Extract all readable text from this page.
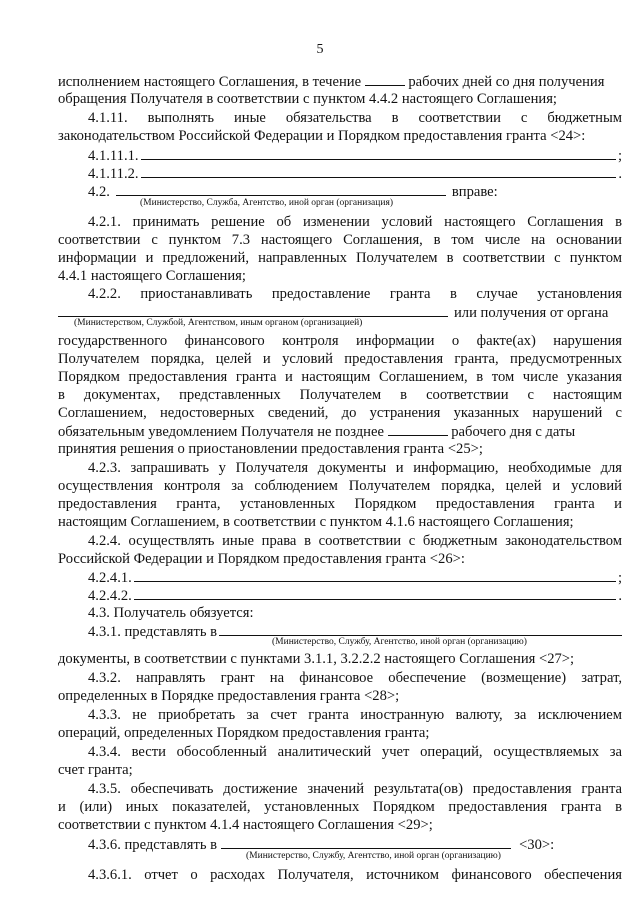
5
исполнением настоящего Соглашения, в течение	рабочих дней со дня получения
обращения Получателя в соответствии с пунктом 4.4.2 настоящего Соглашения;
4.1.11. выполнять иные обязательства в соответствии с бюджетным
законодательством Российской Федерации и Порядком предоставления гранта <24>:
4.1.11.1.	;
4.1.11.2.	.
4.2.	вправе:
(Министерство, Служба, Агентство, иной орган (организация)
4.2.1. принимать решение об изменении условий настоящего Соглашения в
соответствии с пунктом 7.3 настоящего Соглашения, в том числе на основании
информации и предложений, направленных Получателем в соответствии с пунктом
4.4.1 настоящего Соглашения;
4.2.2. приостанавливать предоставление гранта в случае установления
или получения от органа
(Министерством, Службой, Агентством, иным органом (организацией)
государственного финансового контроля информации о факте(ах) нарушения
Получателем порядка, целей и условий предоставления гранта, предусмотренных
Порядком предоставления гранта и настоящим Соглашением, в том числе указания
в документах, представленных Получателем в соответствии с настоящим
Соглашением, недостоверных сведений, до устранения указанных нарушений с
обязательным уведомлением Получателя не позднее	рабочего дня с даты
принятия решения о приостановлении предоставления гранта <25>;
4.2.3. запрашивать у Получателя документы и информацию, необходимые для
осуществления контроля за соблюдением Получателем порядка, целей и условий
предоставления гранта, установленных Порядком предоставления гранта и
настоящим Соглашением, в соответствии с пунктом 4.1.6 настоящего Соглашения;
4.2.4. осуществлять иные права в соответствии с бюджетным законодательством
Российской Федерации и Порядком предоставления гранта <26>:
4.2.4.1.	;
4.2.4.2.	.
4.3. Получатель обязуется:
4.3.1. представлять в
(Министерство, Службу, Агентство, иной орган (организацию)
документы, в соответствии с пунктами 3.1.1, 3.2.2.2 настоящего Соглашения <27>;
4.3.2. направлять грант на финансовое обеспечение (возмещение) затрат,
определенных в Порядке предоставления гранта <28>;
4.3.3. не приобретать за счет гранта иностранную валюту, за исключением
операций, определенных Порядком предоставления гранта;
4.3.4. вести обособленный аналитический учет операций, осуществляемых за
счет гранта;
4.3.5. обеспечивать достижение значений результата(ов) предоставления гранта
и (или) иных показателей, установленных Порядком предоставления гранта в
соответствии с пунктом 4.1.4 настоящего Соглашения <29>;
4.3.6. представлять в	<30>:
(Министерство, Службу, Агентство, иной орган (организацию)
4.3.6.1. отчет о расходах Получателя, источником финансового обеспечения
